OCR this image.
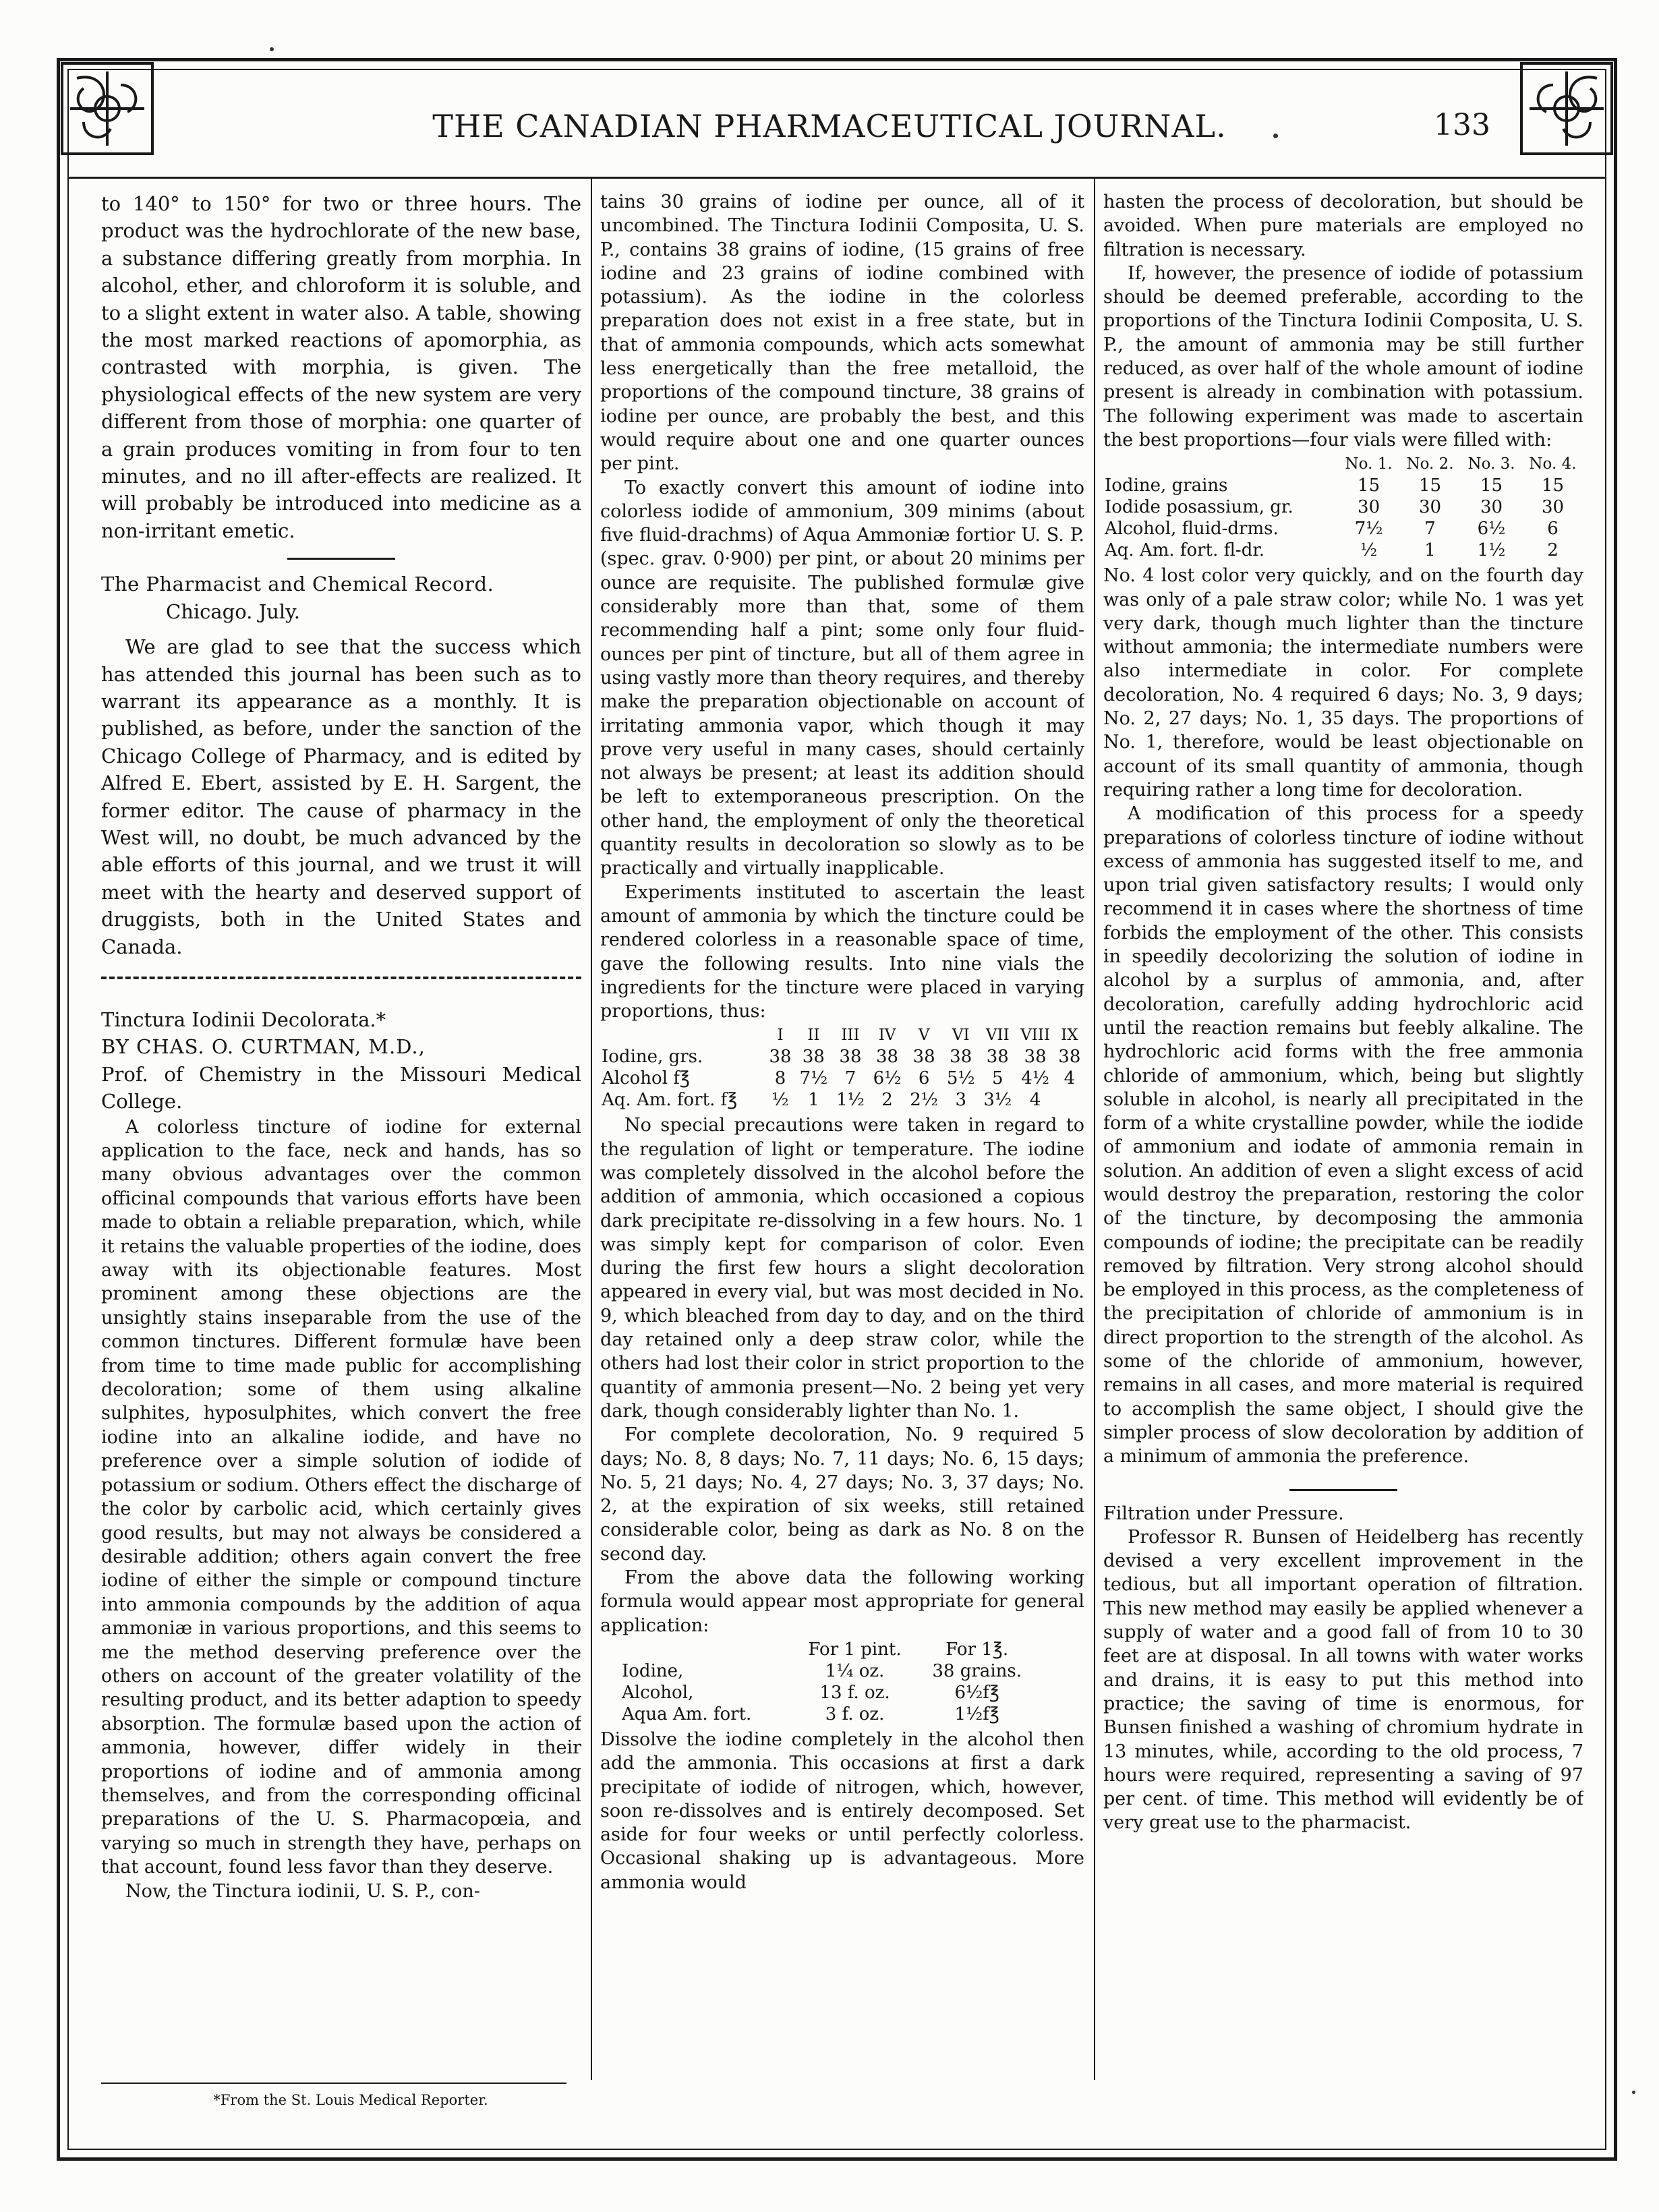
THE CANADIAN PHARMACEUTICAL JOURNAL.	133

to 140° to 150° for two or three hours. The product was the hydrochlorate of the new base, a substance differing greatly from morphia. In alcohol, ether, and chloroform it is soluble, and to a slight extent in water also. A table, showing the most marked reactions of apomorphia, as contrasted with morphia, is given. The physiological effects of the new system are very different from those of morphia: one quarter of a grain produces vomiting in from four to ten minutes, and no ill after-effects are realized. It will probably be introduced into medicine as a non-irritant emetic.

The Pharmacist and Chemical Record.

Chicago. July.

We are glad to see that the success which has attended this journal has been such as to warrant its appearance as a monthly. It is published, as before, under the sanction of the Chicago College of Pharmacy, and is edited by Alfred E. Ebert, assisted by E. H. Sargent, the former editor. The cause of pharmacy in the West will, no doubt, be much advanced by the able efforts of this journal, and we trust it will meet with the hearty and deserved support of druggists, both in the United States and Canada.

Tinctura Iodinii Decolorata.*

BY CHAS. O. CURTMAN, M.D.,

Prof. of Chemistry in the Missouri Medical College.

A colorless tincture of iodine for external application to the face, neck and hands, has so many obvious advantages over the common officinal compounds that various efforts have been made to obtain a reliable preparation, which, while it retains the valuable properties of the iodine, does away with its objectionable features. Most prominent among these objections are the unsightly stains inseparable from the use of the common tinctures. Different formulæ have been from time to time made public for accomplishing decoloration; some of them using alkaline sulphites, hyposulphites, which convert the free iodine into an alkaline iodide, and have no preference over a simple solution of iodide of potassium or sodium. Others effect the discharge of the color by carbolic acid, which certainly gives good results, but may not always be considered a desirable addition; others again convert the free iodine of either the simple or compound tincture into ammonia compounds by the addition of aqua ammoniæ in various proportions, and this seems to me the method deserving preference over the others on account of the greater volatility of the resulting product, and its better adaption to speedy absorption. The formulæ based upon the action of ammonia, however, differ widely in their proportions of iodine and of ammonia among themselves, and from the corresponding officinal preparations of the U. S. Pharmacopœia, and varying so much in strength they have, perhaps on that account, found less favor than they deserve.

Now, the Tinctura iodinii, U. S. P., con-

tains 30 grains of iodine per ounce, all of it uncombined. The Tinctura Iodinii Composita, U. S. P., contains 38 grains of iodine, (15 grains of free iodine and 23 grains of iodine combined with potassium). As the iodine in the colorless preparation does not exist in a free state, but in that of ammonia compounds, which acts somewhat less energetically than the free metalloid, the proportions of the compound tincture, 38 grains of iodine per ounce, are probably the best, and this would require about one and one quarter ounces per pint.

To exactly convert this amount of iodine into colorless iodide of ammonium, 309 minims (about five fluid-drachms) of Aqua Ammoniæ fortior U. S. P. (spec. grav. 0·900) per pint, or about 20 minims per ounce are requisite. The published formulæ give considerably more than that, some of them recommending half a pint; some only four fluid-ounces per pint of tincture, but all of them agree in using vastly more than theory requires, and thereby make the preparation objectionable on account of irritating ammonia vapor, which though it may prove very useful in many cases, should certainly not always be present; at least its addition should be left to extemporaneous prescription. On the other hand, the employment of only the theoretical quantity results in decoloration so slowly as to be practically and virtually inapplicable.

Experiments instituted to ascertain the least amount of ammonia by which the tincture could be rendered colorless in a reasonable space of time, gave the following results. Into nine vials the ingredients for the tincture were placed in varying proportions, thus:

	I	II	III	IV	V	VI	VII	VIII	IX
Iodine, grs.	38	38	38	38	38	38	38	38	38
Alcohol f℥	8	7½	7	6½	6	5½	5	4½	4
Aq. Am. fort. f℥	½	1	1½	2	2½	3	3½	4	

No special precautions were taken in regard to the regulation of light or temperature. The iodine was completely dissolved in the alcohol before the addition of ammonia, which occasioned a copious dark precipitate re-dissolving in a few hours. No. 1 was simply kept for comparison of color. Even during the first few hours a slight decoloration appeared in every vial, but was most decided in No. 9, which bleached from day to day, and on the third day retained only a deep straw color, while the others had lost their color in strict proportion to the quantity of ammonia present—No. 2 being yet very dark, though considerably lighter than No. 1.

For complete decoloration, No. 9 required 5 days; No. 8, 8 days; No. 7, 11 days; No. 6, 15 days; No. 5, 21 days; No. 4, 27 days; No. 3, 37 days; No. 2, at the expiration of six weeks, still retained considerable color, being as dark as No. 8 on the second day.

From the above data the following working formula would appear most appropriate for general application:

	For 1 pint.	For 1℥.
Iodine,	1¼ oz.	38 grains.
Alcohol,	13 f. oz.	6½f℥
Aqua Am. fort.	3 f. oz.	1½f℥

Dissolve the iodine completely in the alcohol then add the ammonia. This occasions at first a dark precipitate of iodide of nitrogen, which, however, soon re-dissolves and is entirely decomposed. Set aside for four weeks or until perfectly colorless. Occasional shaking up is advantageous. More ammonia would

hasten the process of decoloration, but should be avoided. When pure materials are employed no filtration is necessary.

If, however, the presence of iodide of potassium should be deemed preferable, according to the proportions of the Tinctura Iodinii Composita, U. S. P., the amount of ammonia may be still further reduced, as over half of the whole amount of iodine present is already in combination with potassium. The following experiment was made to ascertain the best proportions—four vials were filled with:

	No. 1.	No. 2.	No. 3.	No. 4.
Iodine, grains	15	15	15	15
Iodide posassium, gr.	30	30	30	30
Alcohol, fluid-drms.	7½	7	6½	6
Aq. Am. fort. fl-dr.	½	1	1½	2

No. 4 lost color very quickly, and on the fourth day was only of a pale straw color; while No. 1 was yet very dark, though much lighter than the tincture without ammonia; the intermediate numbers were also intermediate in color. For complete decoloration, No. 4 required 6 days; No. 3, 9 days; No. 2, 27 days; No. 1, 35 days. The proportions of No. 1, therefore, would be least objectionable on account of its small quantity of ammonia, though requiring rather a long time for decoloration.

A modification of this process for a speedy preparations of colorless tincture of iodine without excess of ammonia has suggested itself to me, and upon trial given satisfactory results; I would only recommend it in cases where the shortness of time forbids the employment of the other. This consists in speedily decolorizing the solution of iodine in alcohol by a surplus of ammonia, and, after decoloration, carefully adding hydrochloric acid until the reaction remains but feebly alkaline. The hydrochloric acid forms with the free ammonia chloride of ammonium, which, being but slightly soluble in alcohol, is nearly all precipitated in the form of a white crystalline powder, while the iodide of ammonium and iodate of ammonia remain in solution. An addition of even a slight excess of acid would destroy the preparation, restoring the color of the tincture, by decomposing the ammonia compounds of iodine; the precipitate can be readily removed by filtration. Very strong alcohol should be employed in this process, as the completeness of the precipitation of chloride of ammonium is in direct proportion to the strength of the alcohol. As some of the chloride of ammonium, however, remains in all cases, and more material is required to accomplish the same object, I should give the simpler process of slow decoloration by addition of a minimum of ammonia the preference.

Filtration under Pressure.

Professor R. Bunsen of Heidelberg has recently devised a very excellent improvement in the tedious, but all important operation of filtration. This new method may easily be applied whenever a supply of water and a good fall of from 10 to 30 feet are at disposal. In all towns with water works and drains, it is easy to put this method into practice; the saving of time is enormous, for Bunsen finished a washing of chromium hydrate in 13 minutes, while, according to the old process, 7 hours were required, representing a saving of 97 per cent. of time. This method will evidently be of very great use to the pharmacist.

*From the St. Louis Medical Reporter.
